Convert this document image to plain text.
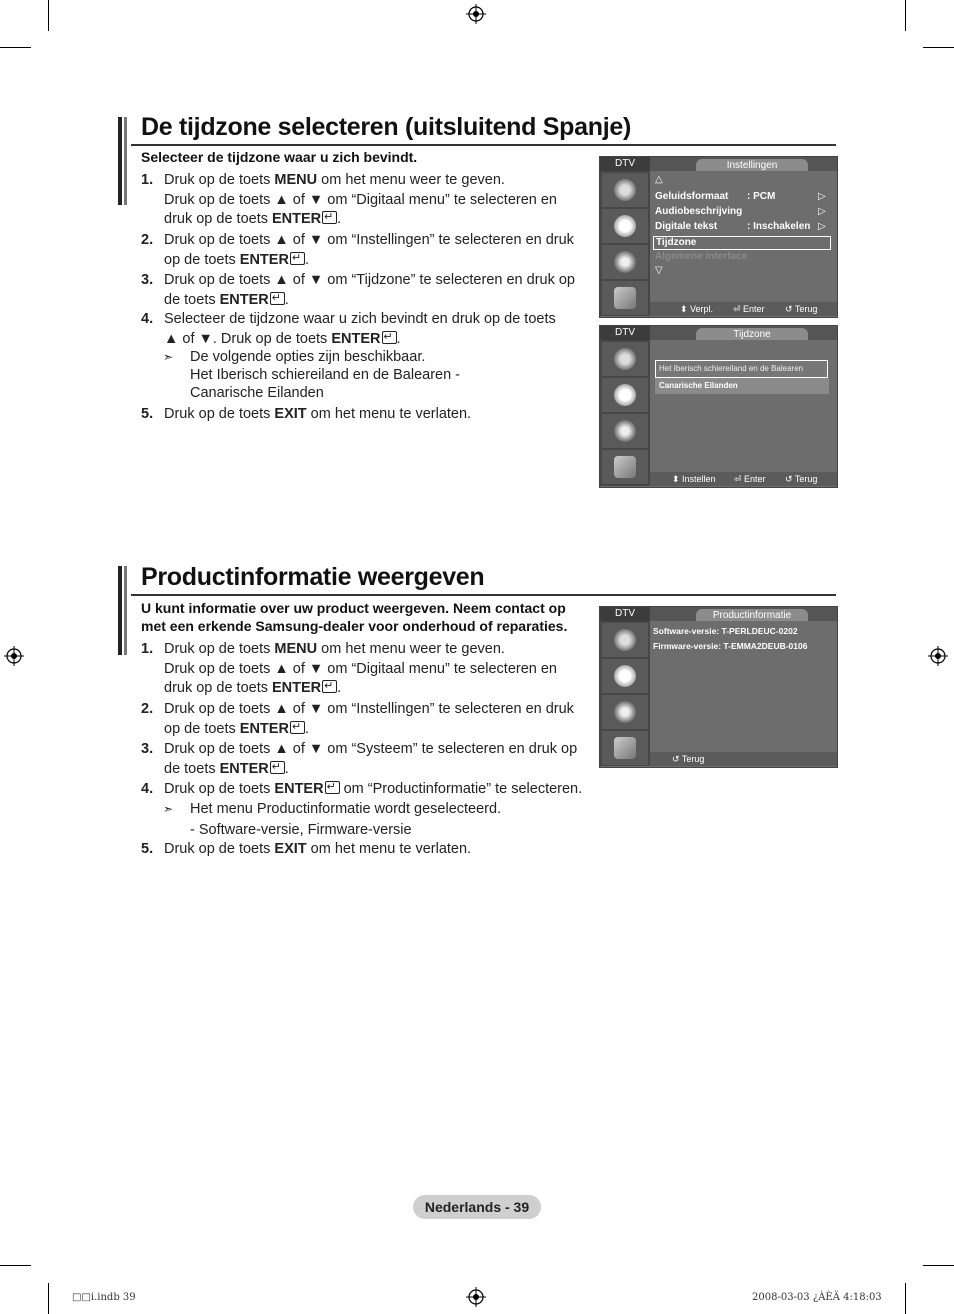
De tijdzone selecteren (uitsluitend Spanje)
Selecteer de tijdzone waar u zich bevindt.
1. Druk op de toets MENU om het menu weer te geven.
Druk op de toets ▲ of ▼ om “Digitaal menu” te selecteren en
druk op de toets ENTER ↵ .
2. Druk op de toets ▲ of ▼ om “Instellingen” te selecteren en druk
op de toets ENTER ↵ .
3. Druk op de toets ▲ of ▼ om “Tijdzone” te selecteren en druk op
de toets ENTER ↵ .
4. Selecteer de tijdzone waar u zich bevindt en druk op de toets
▲ of ▼. Druk op de toets ENTER ↵ .
➣ De volgende opties zijn beschikbaar.
Het Iberisch schiereiland en de Balearen -
Canarische Eilanden
5. Druk op de toets EXIT om het menu te verlaten.
DTV	Instellingen
△
Geluidsformaat : PCM	▷
Audiobeschrijving	▷
Digitale tekst	: Inschakelen ▷
Tijdzone
Algemene interface
▽
⬍ Verpl. ⏎ Enter ↺ Terug
DTV	Tijdzone
Het Iberisch schiereiland en de Balearen
Canarische Eilanden
⬍ Instellen ⏎ Enter ↺ Terug
Productinformatie weergeven
U kunt informatie over uw product weergeven. Neem contact op
met een erkende Samsung-dealer voor onderhoud of reparaties.
1. Druk op de toets MENU om het menu weer te geven.
Druk op de toets ▲ of ▼ om “Digitaal menu” te selecteren en
druk op de toets ENTER ↵ .
2. Druk op de toets ▲ of ▼ om “Instellingen” te selecteren en druk
op de toets ENTER ↵ .
3. Druk op de toets ▲ of ▼ om “Systeem” te selecteren en druk op
de toets ENTER ↵ .
4. Druk op de toets ENTER↵ om “Productinformatie” te selecteren.
➣ Het menu Productinformatie wordt geselecteerd.
- Software-versie, Firmware-versie
5. Druk op de toets EXIT om het menu te verlaten.
DTV	Productinformatie
Software-versie: T-PERLDEUC-0202
Firmware-versie: T-EMMA2DEUB-0106
↺ Terug
Nederlands - 39
□□i.indb 39	2008-03-03 ¿ÀÈÄ 4:18:03
